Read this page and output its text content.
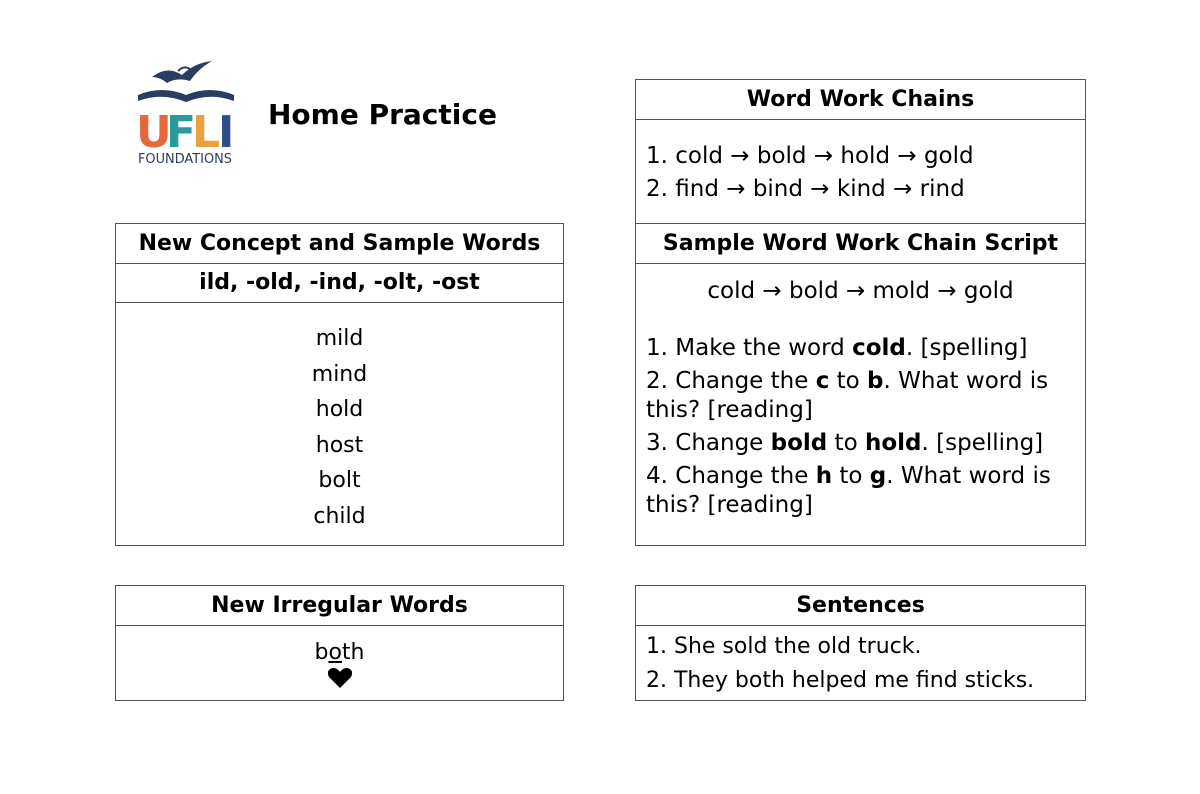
U
F
L
I
FOUNDATIONS
Home Practice
New Concept and Sample Words
ild, -old, -ind, -olt, -ost
mild
mind
hold
host
bolt
child
New Irregular Words
both
Word Work Chains
1. cold → bold → hold → gold
2. find → bind → kind → rind
Sample Word Work Chain Script
cold → bold → mold → gold
1. Make the word cold. [spelling]
2. Change the c to b. What word is this? [reading]
3. Change bold to hold. [spelling]
4. Change the h to g. What word is this? [reading]
Sentences
1. She sold the old truck.
2. They both helped me find sticks.
